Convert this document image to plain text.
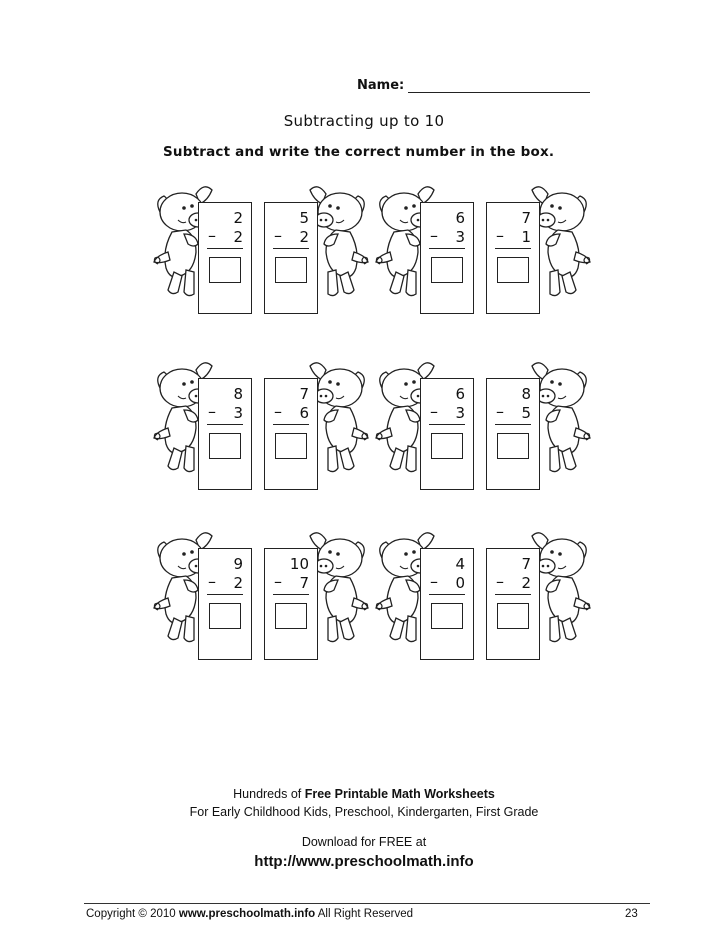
Name:
Subtracting up to 10
Subtract and write the correct number in the box.
2
–	2
5
–	2
6
–	3
7
–	1
8
–	3
7
–	6
6
–	3
8
–	5
9
–	2
10
–	7
4
–	0
7
–	2
Hundreds of Free Printable Math Worksheets
For Early Childhood Kids, Preschool, Kindergarten, First Grade
Download for FREE at
http://www.preschoolmath.info
Copyright © 2010 www.preschoolmath.info All Right Reserved	23
